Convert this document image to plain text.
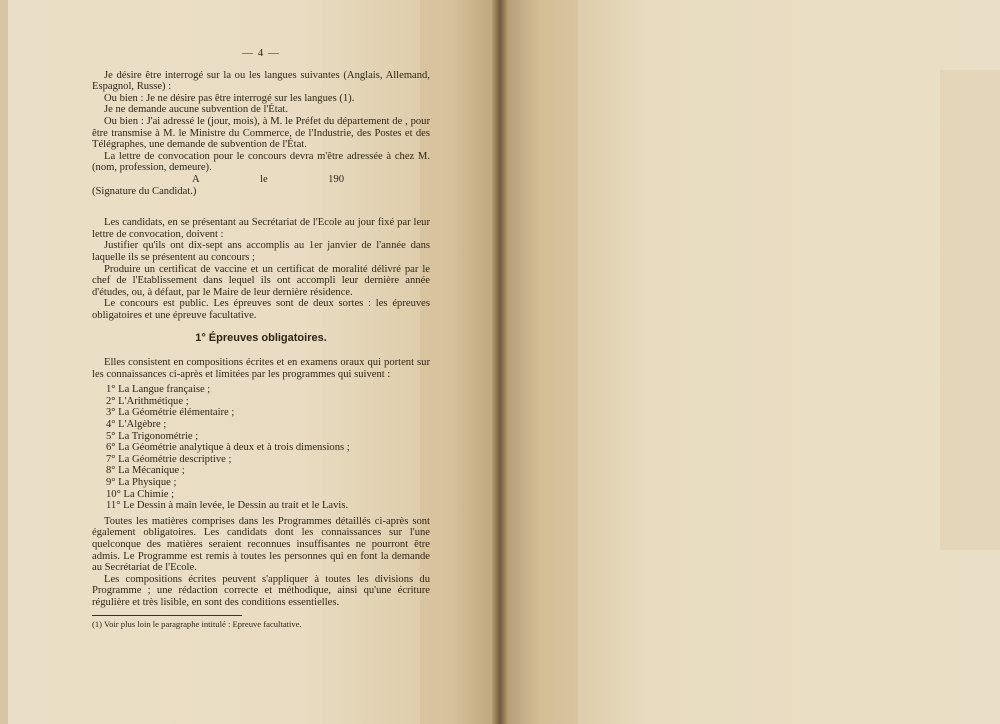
— 4 —

Je désire être interrogé sur la ou les langues suivantes (Anglais, Allemand, Espagnol, Russe) :

Ou bien : Je ne désire pas être interrogé sur les langues (1).

Je ne demande aucune subvention de l'État.

Ou bien : J'ai adressé le (jour, mois), à M. le Préfet du département de , pour être transmise à M. le Ministre du Commerce, de l'Industrie, des Postes et des Télégraphes, une demande de subvention de l'État.

La lettre de convocation pour le concours devra m'être adressée à chez M. (nom, profession, demeure).

A	le	190

(Signature du Candidat.)

Les candidats, en se présentant au Secrétariat de l'Ecole au jour fixé par leur lettre de convocation, doivent :

Justifier qu'ils ont dix-sept ans accomplis au 1er janvier de l'année dans laquelle ils se présentent au concours ;

Produire un certificat de vaccine et un certificat de moralité délivré par le chef de l'Etablissement dans lequel ils ont accompli leur dernière année d'études, ou, à défaut, par le Maire de leur dernière résidence.

Le concours est public. Les épreuves sont de deux sortes : les épreuves obligatoires et une épreuve facultative.

1° Épreuves obligatoires.

Elles consistent en compositions écrites et en examens oraux qui portent sur les connaissances ci-après et limitées par les programmes qui suivent :

1° La Langue française ;
2° L'Arithmétique ;
3° La Géométrie élémentaire ;
4° L'Algèbre ;
5° La Trigonométrie ;
6° La Géométrie analytique à deux et à trois dimensions ;
7° La Géométrie descriptive ;
8° La Mécanique ;
9° La Physique ;
10° La Chimie ;
11° Le Dessin à main levée, le Dessin au trait et le Lavis.

Toutes les matières comprises dans les Programmes détaillés ci-après sont également obligatoires. Les candidats dont les connaissances sur l'une quelconque des matières seraient reconnues insuffisantes ne pourront être admis. Le Programme est remis à toutes les personnes qui en font la demande au Secrétariat de l'Ecole.

Les compositions écrites peuvent s'appliquer à toutes les divisions du Programme ; une rédaction correcte et méthodique, ainsi qu'une écriture régulière et très lisible, en sont des conditions essentielles.

(1) Voir plus loin le paragraphe intitulé : Epreuve facultative.
